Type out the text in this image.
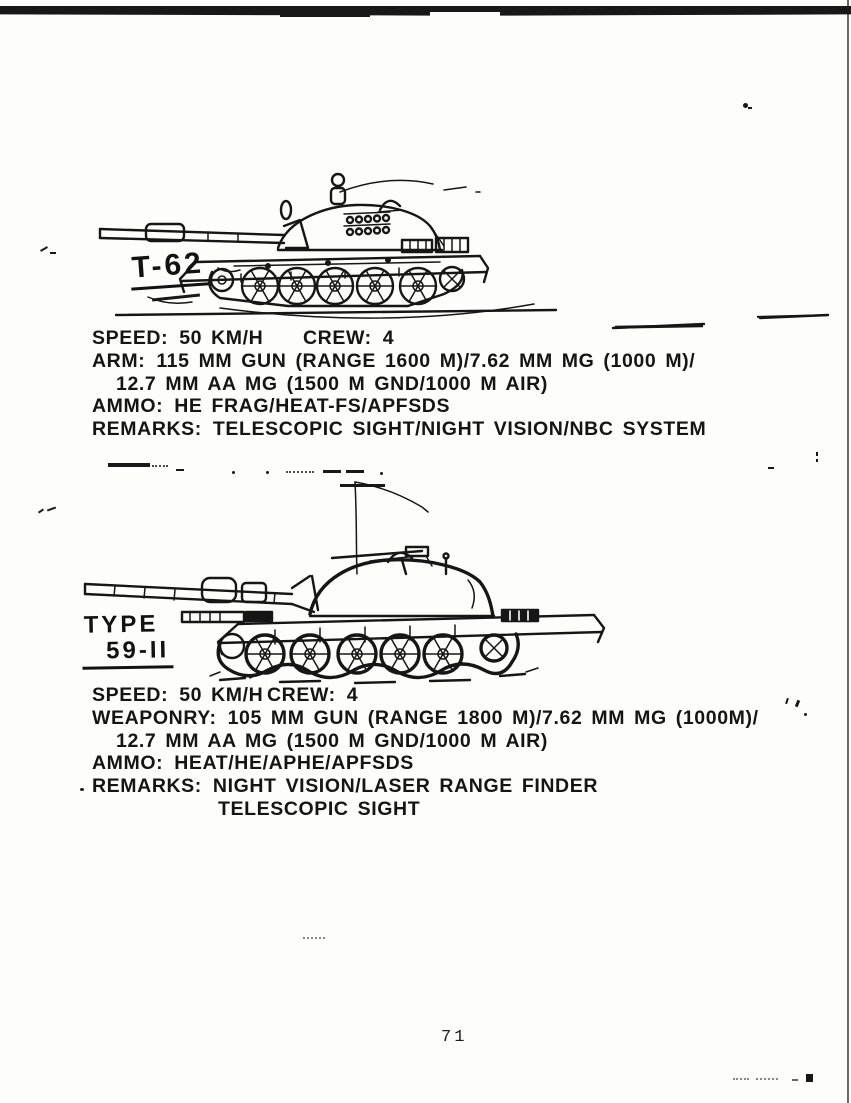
T-62
SPEED: 50 KM/H CREW: 4
ARM: 115 MM GUN (RANGE 1600 M)/7.62 MM MG (1000 M)/
12.7 MM AA MG (1500 M GND/1000 M AIR)
AMMO: HE FRAG/HEAT-FS/APFSDS
REMARKS: TELESCOPIC SIGHT/NIGHT VISION/NBC SYSTEM
TYPE
59-II
SPEED: 50 KM/H CREW: 4
WEAPONRY: 105 MM GUN (RANGE 1800 M)/7.62 MM MG (1000M)/
12.7 MM AA MG (1500 M GND/1000 M AIR)
AMMO: HEAT/HE/APHE/APFSDS
REMARKS: NIGHT VISION/LASER RANGE FINDER
TELESCOPIC SIGHT
71
